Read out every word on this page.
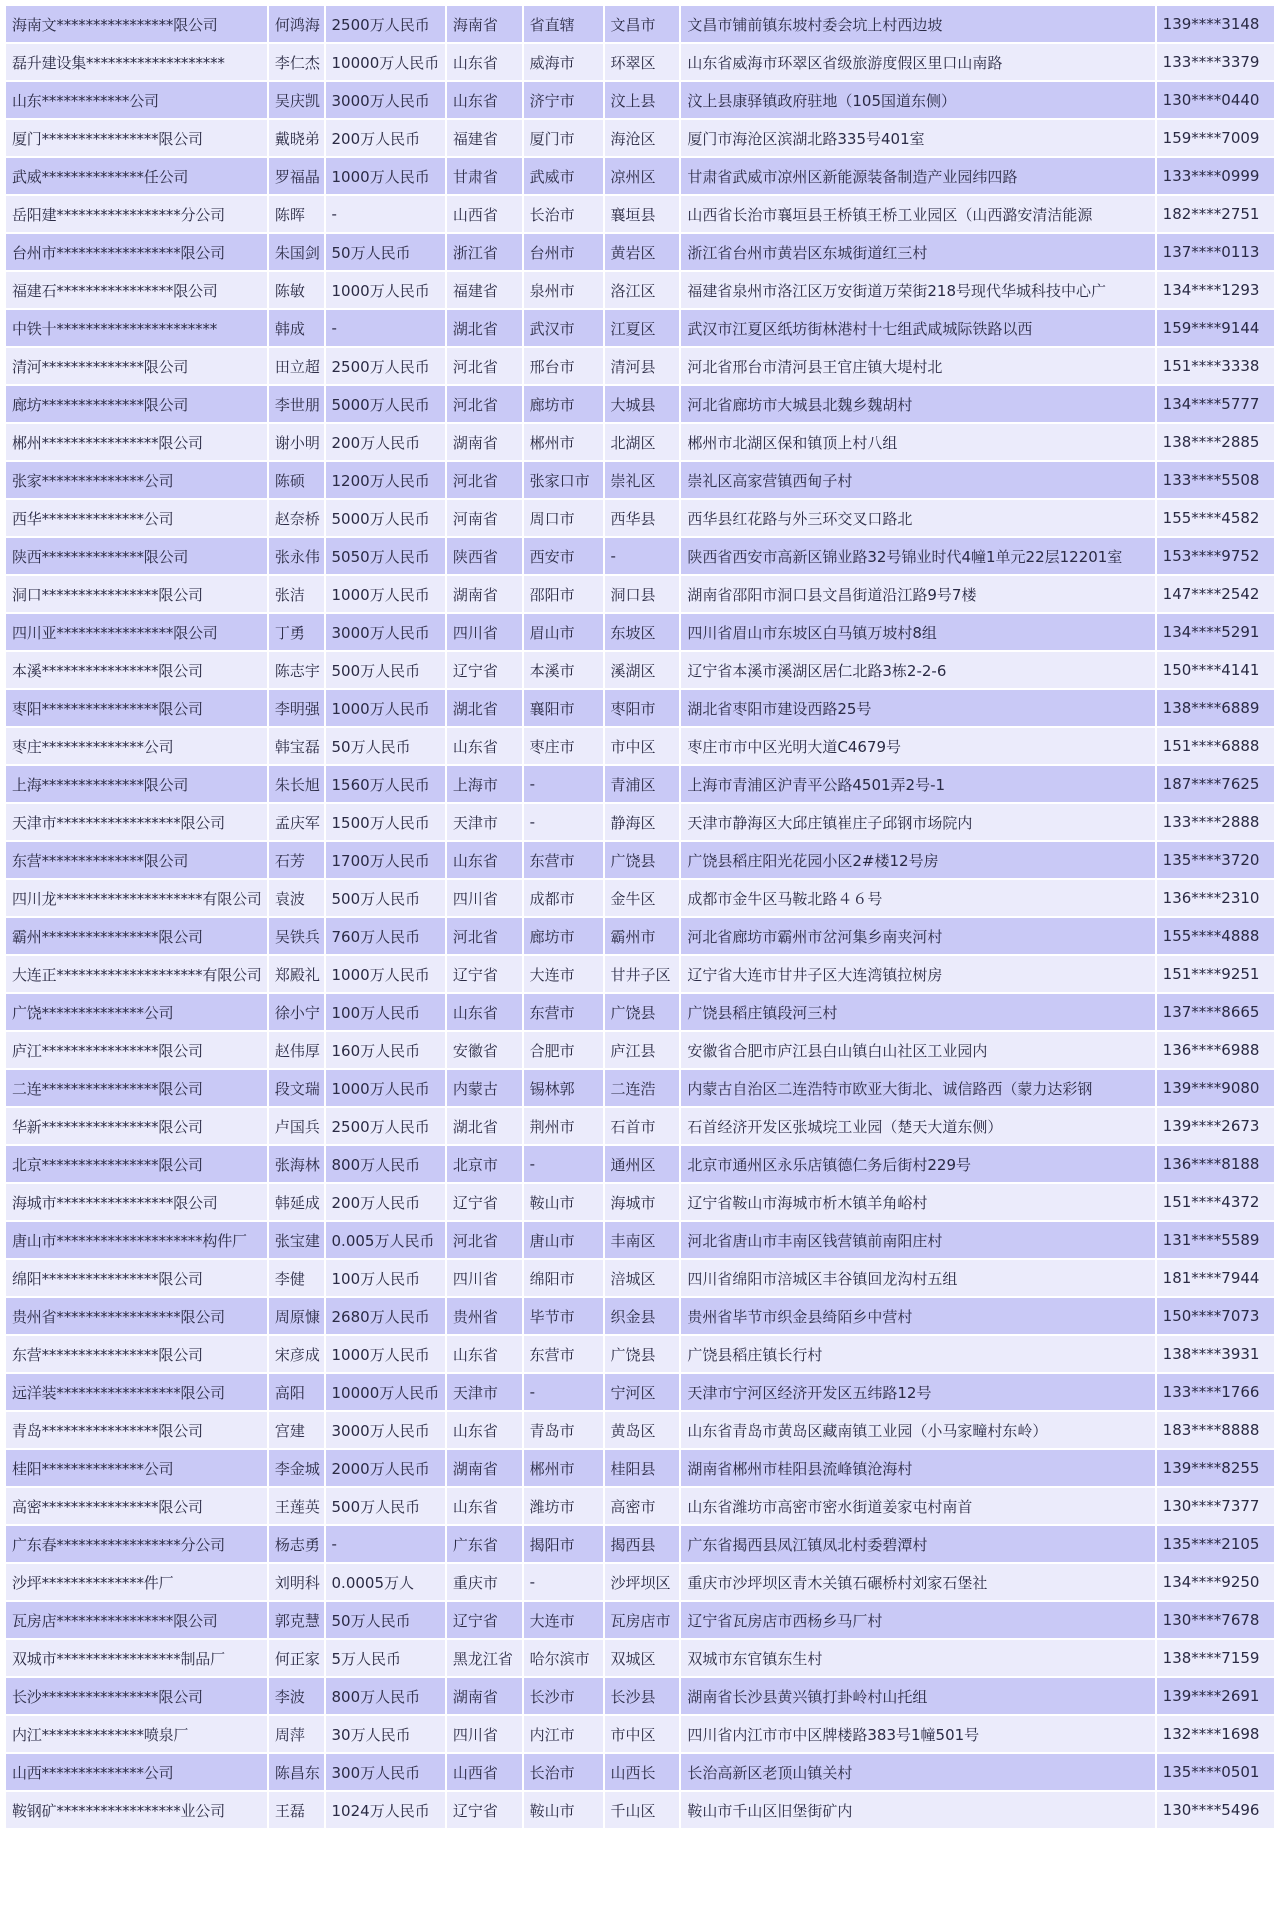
海南文****************限公司	何鸿海	2500万人民币	海南省	省直辖	文昌市	文昌市铺前镇东坡村委会坑上村西边坡	139****3148
磊升建设集*******************	李仁杰	10000万人民币	山东省	威海市	环翠区	山东省威海市环翠区省级旅游度假区里口山南路	133****3379
山东************公司	吴庆凯	3000万人民币	山东省	济宁市	汶上县	汶上县康驿镇政府驻地（105国道东侧）	130****0440
厦门****************限公司	戴晓弟	200万人民币	福建省	厦门市	海沧区	厦门市海沧区滨湖北路335号401室	159****7009
武威**************任公司	罗福晶	1000万人民币	甘肃省	武威市	凉州区	甘肃省武威市凉州区新能源装备制造产业园纬四路	133****0999
岳阳建*****************分公司	陈晖	-	山西省	长治市	襄垣县	山西省长治市襄垣县王桥镇王桥工业园区（山西潞安清洁能源	182****2751
台州市*****************限公司	朱国剑	50万人民币	浙江省	台州市	黄岩区	浙江省台州市黄岩区东城街道红三村	137****0113
福建石****************限公司	陈敏	1000万人民币	福建省	泉州市	洛江区	福建省泉州市洛江区万安街道万荣街218号现代华城科技中心广	134****1293
中铁十**********************	韩成	-	湖北省	武汉市	江夏区	武汉市江夏区纸坊街林港村十七组武咸城际铁路以西	159****9144
清河**************限公司	田立超	2500万人民币	河北省	邢台市	清河县	河北省邢台市清河县王官庄镇大堤村北	151****3338
廊坊**************限公司	李世朋	5000万人民币	河北省	廊坊市	大城县	河北省廊坊市大城县北魏乡魏胡村	134****5777
郴州****************限公司	谢小明	200万人民币	湖南省	郴州市	北湖区	郴州市北湖区保和镇顶上村八组	138****2885
张家**************公司	陈硕	1200万人民币	河北省	张家口市	崇礼区	崇礼区高家营镇西甸子村	133****5508
西华**************公司	赵奈桥	5000万人民币	河南省	周口市	西华县	西华县红花路与外三环交叉口路北	155****4582
陕西**************限公司	张永伟	5050万人民币	陕西省	西安市	-	陕西省西安市高新区锦业路32号锦业时代4幢1单元22层12201室	153****9752
洞口****************限公司	张洁	1000万人民币	湖南省	邵阳市	洞口县	湖南省邵阳市洞口县文昌街道沿江路9号7楼	147****2542
四川亚****************限公司	丁勇	3000万人民币	四川省	眉山市	东坡区	四川省眉山市东坡区白马镇万坡村8组	134****5291
本溪****************限公司	陈志宇	500万人民币	辽宁省	本溪市	溪湖区	辽宁省本溪市溪湖区居仁北路3栋2-2-6	150****4141
枣阳****************限公司	李明强	1000万人民币	湖北省	襄阳市	枣阳市	湖北省枣阳市建设西路25号	138****6889
枣庄**************公司	韩宝磊	50万人民币	山东省	枣庄市	市中区	枣庄市市中区光明大道C4679号	151****6888
上海**************限公司	朱长旭	1560万人民币	上海市	-	青浦区	上海市青浦区沪青平公路4501弄2号-1	187****7625
天津市*****************限公司	孟庆军	1500万人民币	天津市	-	静海区	天津市静海区大邱庄镇崔庄子邱钢市场院内	133****2888
东营**************限公司	石芳	1700万人民币	山东省	东营市	广饶县	广饶县稻庄阳光花园小区2#楼12号房	135****3720
四川龙********************有限公司	袁波	500万人民币	四川省	成都市	金牛区	成都市金牛区马鞍北路４６号	136****2310
霸州****************限公司	吴铁兵	760万人民币	河北省	廊坊市	霸州市	河北省廊坊市霸州市岔河集乡南夹河村	155****4888
大连正********************有限公司	郑殿礼	1000万人民币	辽宁省	大连市	甘井子区	辽宁省大连市甘井子区大连湾镇拉树房	151****9251
广饶**************公司	徐小宁	100万人民币	山东省	东营市	广饶县	广饶县稻庄镇段河三村	137****8665
庐江****************限公司	赵伟厚	160万人民币	安徽省	合肥市	庐江县	安徽省合肥市庐江县白山镇白山社区工业园内	136****6988
二连****************限公司	段文瑞	1000万人民币	内蒙古	锡林郭	二连浩	内蒙古自治区二连浩特市欧亚大街北、诚信路西（蒙力达彩钢	139****9080
华新****************限公司	卢国兵	2500万人民币	湖北省	荆州市	石首市	石首经济开发区张城垸工业园（楚天大道东侧）	139****2673
北京****************限公司	张海林	800万人民币	北京市	-	通州区	北京市通州区永乐店镇德仁务后街村229号	136****8188
海城市****************限公司	韩延成	200万人民币	辽宁省	鞍山市	海城市	辽宁省鞍山市海城市析木镇羊角峪村	151****4372
唐山市********************构件厂	张宝建	0.005万人民币	河北省	唐山市	丰南区	河北省唐山市丰南区钱营镇前南阳庄村	131****5589
绵阳****************限公司	李健	100万人民币	四川省	绵阳市	涪城区	四川省绵阳市涪城区丰谷镇回龙沟村五组	181****7944
贵州省*****************限公司	周原慷	2680万人民币	贵州省	毕节市	织金县	贵州省毕节市织金县绮陌乡中营村	150****7073
东营****************限公司	宋彦成	1000万人民币	山东省	东营市	广饶县	广饶县稻庄镇长行村	138****3931
远洋装*****************限公司	高阳	10000万人民币	天津市	-	宁河区	天津市宁河区经济开发区五纬路12号	133****1766
青岛****************限公司	宫建	3000万人民币	山东省	青岛市	黄岛区	山东省青岛市黄岛区藏南镇工业园（小马家疃村东岭）	183****8888
桂阳**************公司	李金城	2000万人民币	湖南省	郴州市	桂阳县	湖南省郴州市桂阳县流峰镇沧海村	139****8255
高密****************限公司	王莲英	500万人民币	山东省	潍坊市	高密市	山东省潍坊市高密市密水街道姜家屯村南首	130****7377
广东春*****************分公司	杨志勇	-	广东省	揭阳市	揭西县	广东省揭西县凤江镇凤北村委碧潭村	135****2105
沙坪**************件厂	刘明科	0.0005万人	重庆市	-	沙坪坝区	重庆市沙坪坝区青木关镇石碾桥村刘家石堡社	134****9250
瓦房店****************限公司	郭克慧	50万人民币	辽宁省	大连市	瓦房店市	辽宁省瓦房店市西杨乡马厂村	130****7678
双城市*****************制品厂	何正家	5万人民币	黑龙江省	哈尔滨市	双城区	双城市东官镇东生村	138****7159
长沙****************限公司	李波	800万人民币	湖南省	长沙市	长沙县	湖南省长沙县黄兴镇打卦岭村山托组	139****2691
内江**************喷泉厂	周萍	30万人民币	四川省	内江市	市中区	四川省内江市市中区牌楼路383号1幢501号	132****1698
山西**************公司	陈昌东	300万人民币	山西省	长治市	山西长	长治高新区老顶山镇关村	135****0501
鞍钢矿*****************业公司	王磊	1024万人民币	辽宁省	鞍山市	千山区	鞍山市千山区旧堡街矿内	130****5496
